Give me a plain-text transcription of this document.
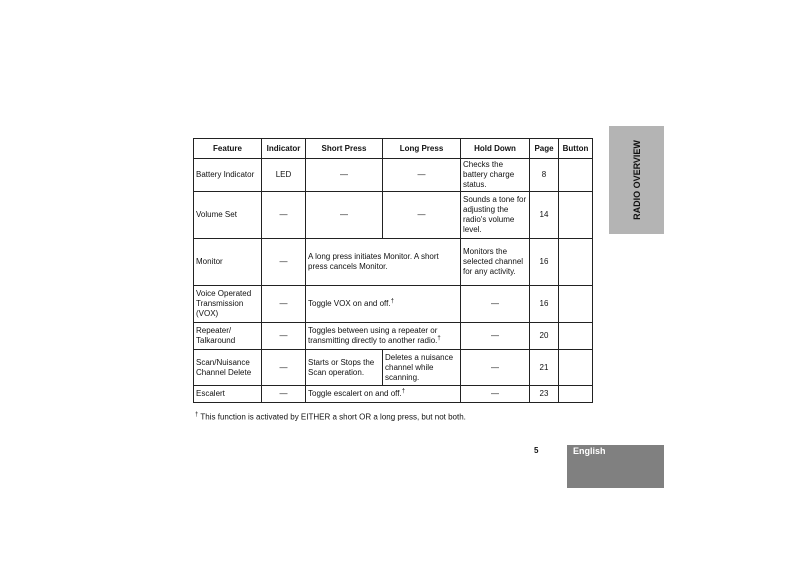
Feature	Indicator	Short Press	Long Press	Hold Down	Page	Button
Battery Indicator	LED	—	—	Checks the battery charge status.	8	
Volume Set	—	—	—	Sounds a tone for adjusting the radio's volume level.	14	
Monitor	—	A long press initiates Monitor. A short press cancels Monitor.		Monitors the selected channel for any activity.	16	
Voice Operated Transmission (VOX)	—	Toggle VOX on and off.†		—	16	
Repeater/ Talkaround	—	Toggles between using a repeater or transmitting directly to another radio.†		—	20	
Scan/Nuisance Channel Delete	—	Starts or Stops the Scan operation.	Deletes a nuisance channel while scanning.	—	21	
Escalert	—	Toggle escalert on and off.†		—	23	
† This function is activated by EITHER a short OR a long press, but not both.
RADIO OVERVIEW
5	English
